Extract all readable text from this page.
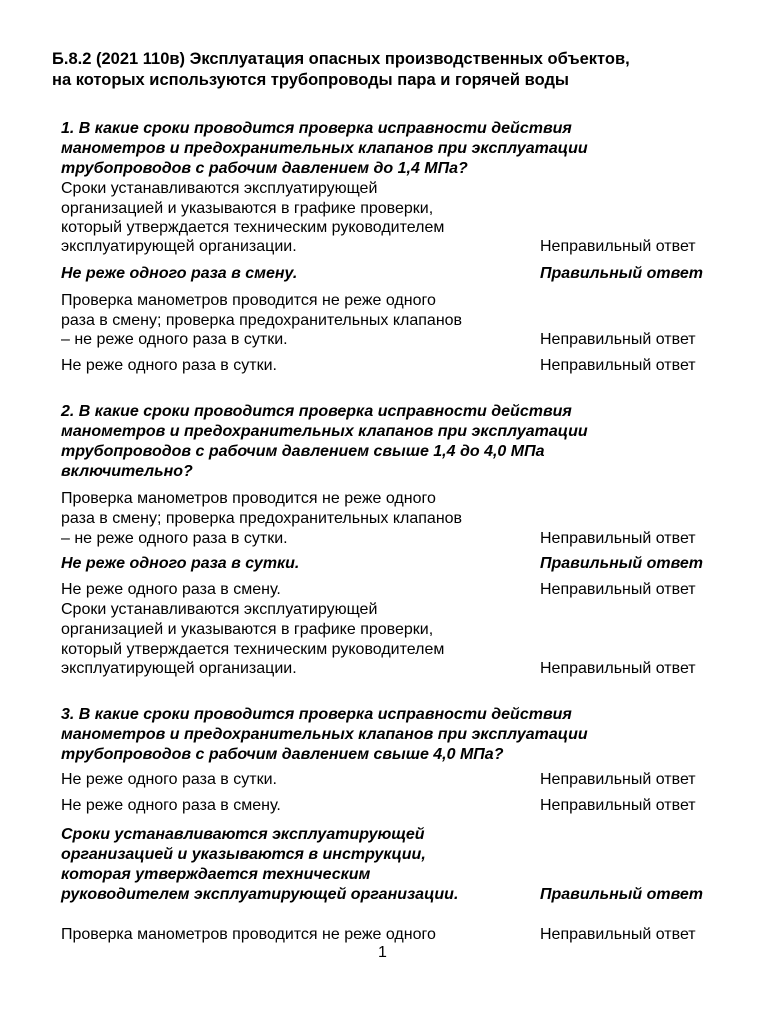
Б.8.2 (2021 110в) Эксплуатация опасных производственных объектов,
на которых используются трубопроводы пара и горячей воды
1. В какие сроки проводится проверка исправности действия
манометров и предохранительных клапанов при эксплуатации
трубопроводов с рабочим давлением до 1,4 МПа?
Сроки устанавливаются эксплуатирующей
организацией и указываются в графике проверки,
который утверждается техническим руководителем
эксплуатирующей организации.	Неправильный ответ
Не реже одного раза в смену.	Правильный ответ
Проверка манометров проводится не реже одного
раза в смену; проверка предохранительных клапанов
– не реже одного раза в сутки.	Неправильный ответ
Не реже одного раза в сутки.	Неправильный ответ
2. В какие сроки проводится проверка исправности действия
манометров и предохранительных клапанов при эксплуатации
трубопроводов с рабочим давлением свыше 1,4 до 4,0 МПа
включительно?
Проверка манометров проводится не реже одного
раза в смену; проверка предохранительных клапанов
– не реже одного раза в сутки.	Неправильный ответ
Не реже одного раза в сутки.	Правильный ответ
Не реже одного раза в смену.	Неправильный ответ
Сроки устанавливаются эксплуатирующей
организацией и указываются в графике проверки,
который утверждается техническим руководителем
эксплуатирующей организации.	Неправильный ответ
3. В какие сроки проводится проверка исправности действия
манометров и предохранительных клапанов при эксплуатации
трубопроводов с рабочим давлением свыше 4,0 МПа?
Не реже одного раза в сутки.	Неправильный ответ
Не реже одного раза в смену.	Неправильный ответ
Сроки устанавливаются эксплуатирующей
организацией и указываются в инструкции,
которая утверждается техническим
руководителем эксплуатирующей организации.	Правильный ответ
Проверка манометров проводится не реже одного	Неправильный ответ
1
